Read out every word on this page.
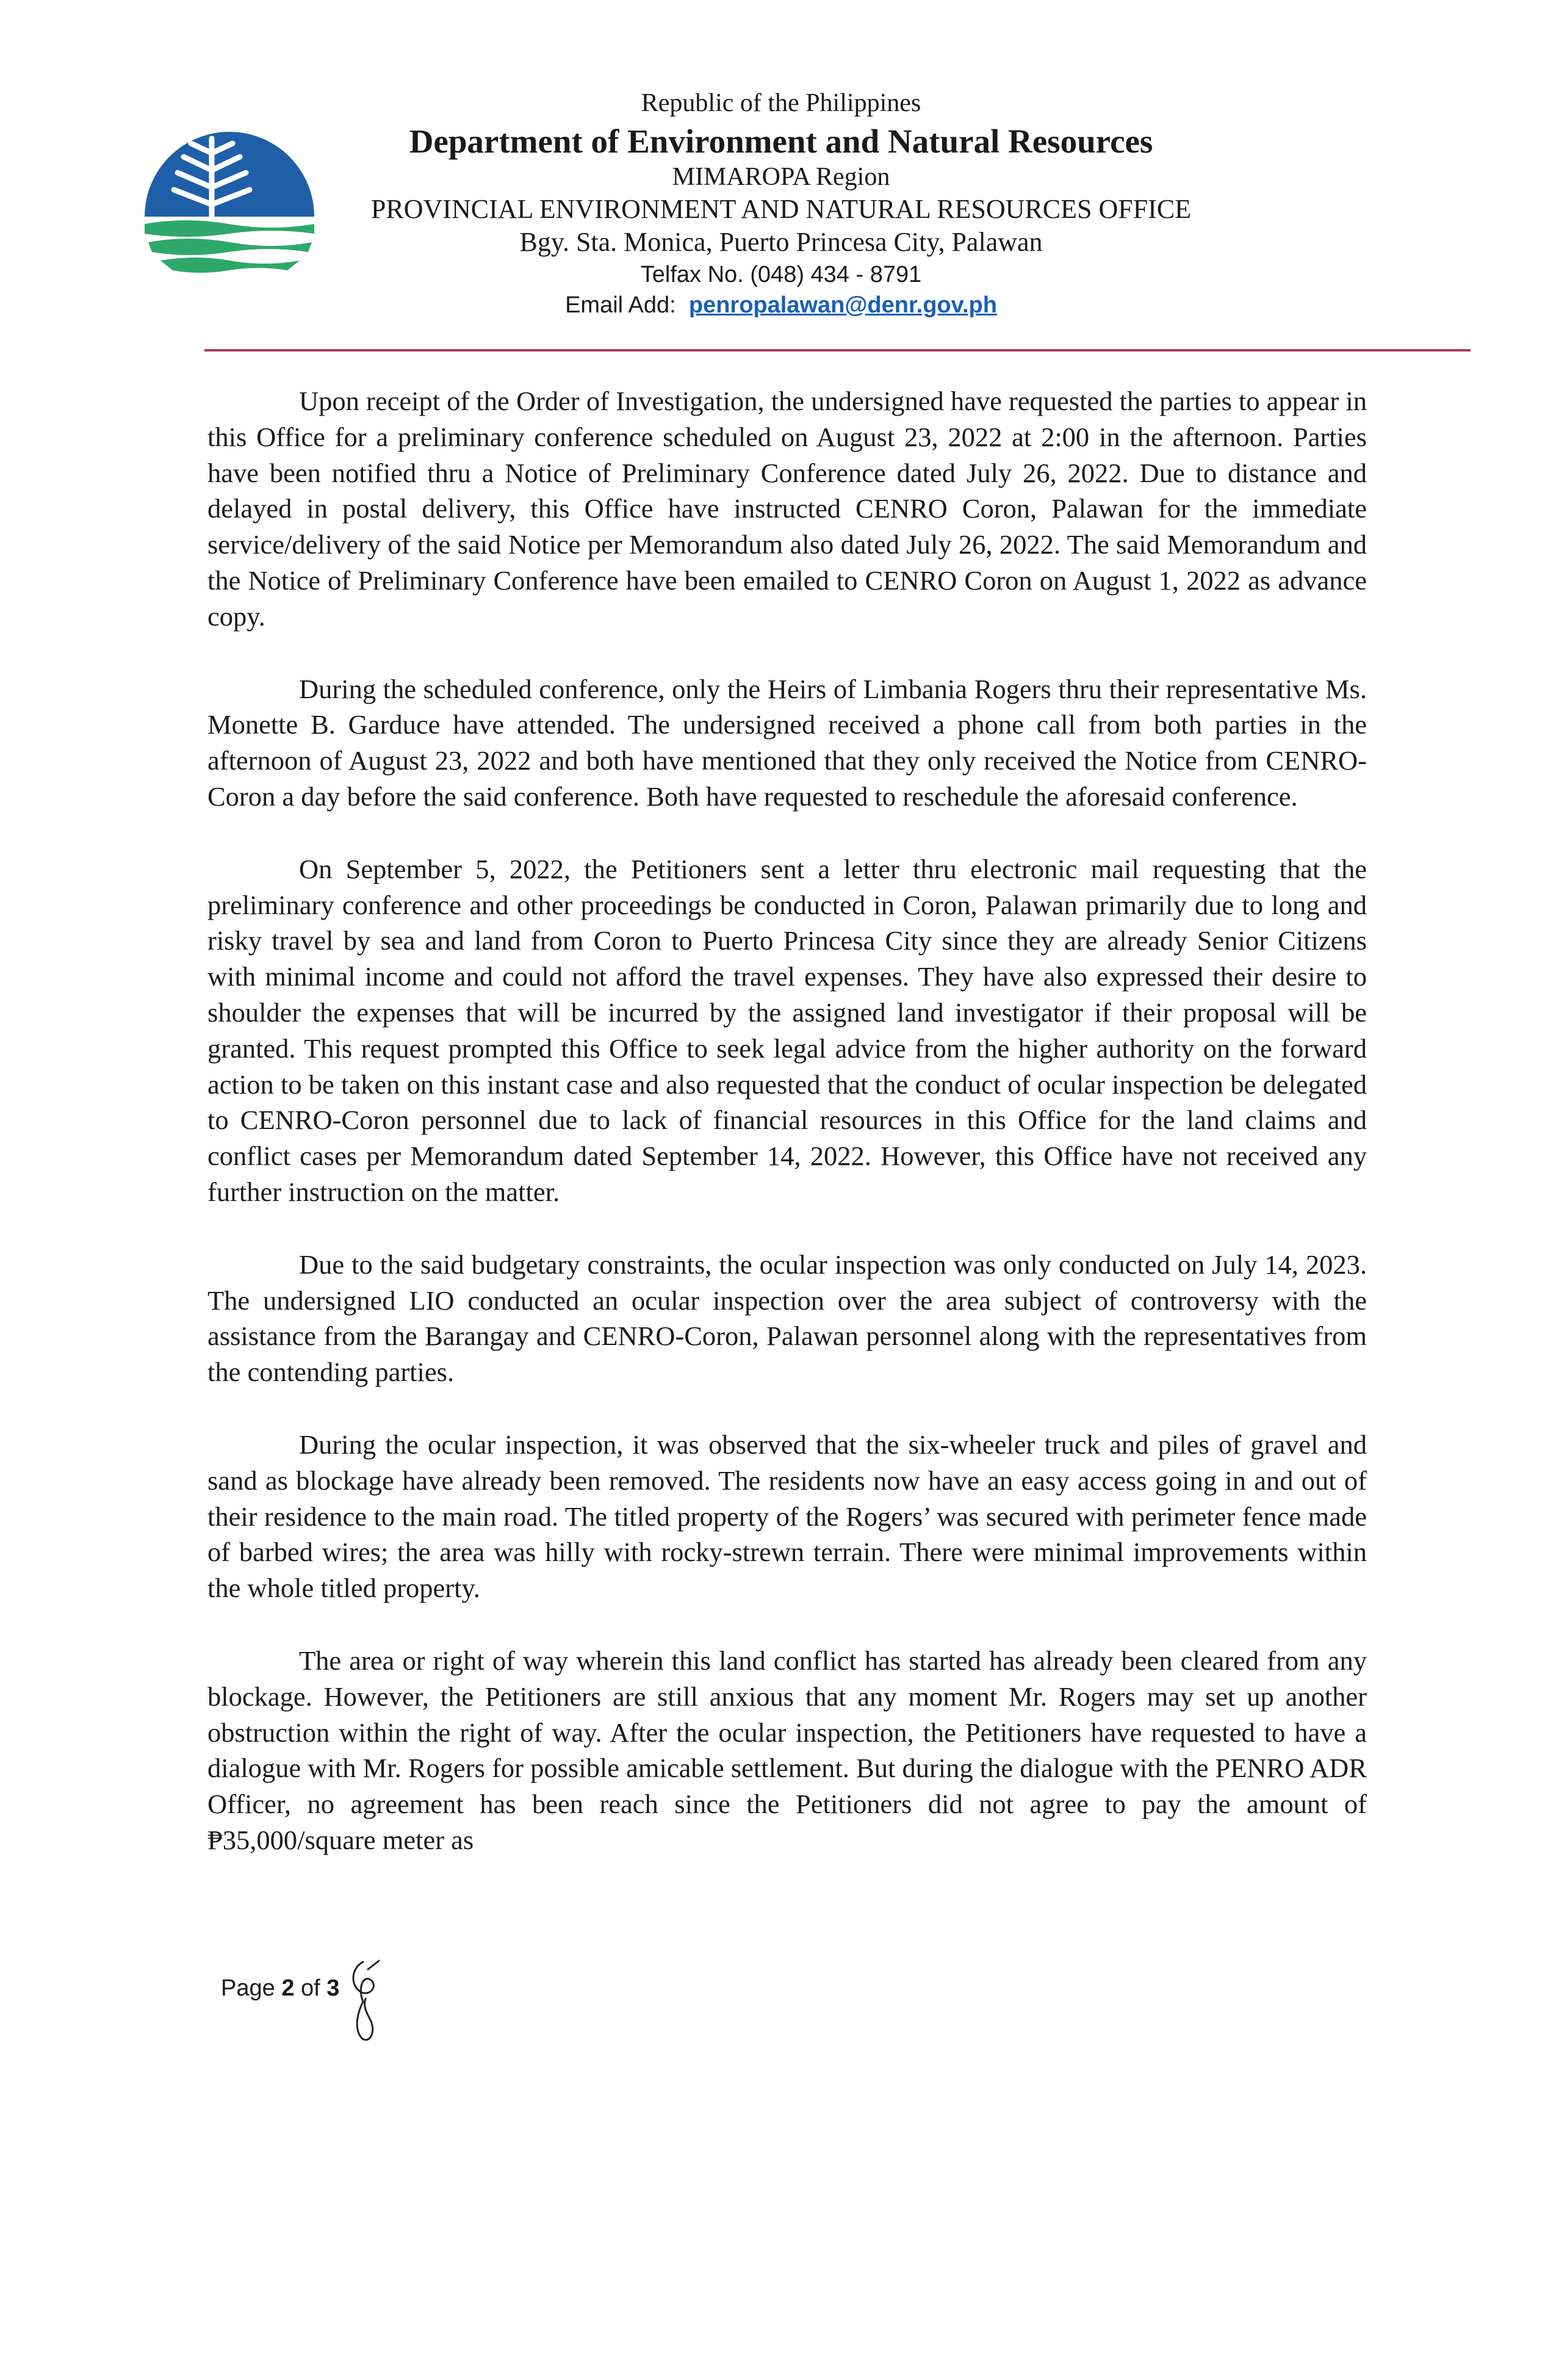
Republic of the Philippines
Department of Environment and Natural Resources
MIMAROPA Region
PROVINCIAL ENVIRONMENT AND NATURAL RESOURCES OFFICE
Bgy. Sta. Monica, Puerto Princesa City, Palawan
Telfax No. (048) 434 - 8791
Email Add: penropalawan@denr.gov.ph

Upon receipt of the Order of Investigation, the undersigned have requested the parties to appear in this Office for a preliminary conference scheduled on August 23, 2022 at 2:00 in the afternoon. Parties have been notified thru a Notice of Preliminary Conference dated July 26, 2022. Due to distance and delayed in postal delivery, this Office have instructed CENRO Coron, Palawan for the immediate service/delivery of the said Notice per Memorandum also dated July 26, 2022. The said Memorandum and the Notice of Preliminary Conference have been emailed to CENRO Coron on August 1, 2022 as advance copy.

During the scheduled conference, only the Heirs of Limbania Rogers thru their representative Ms. Monette B. Garduce have attended. The undersigned received a phone call from both parties in the afternoon of August 23, 2022 and both have mentioned that they only received the Notice from CENRO-Coron a day before the said conference. Both have requested to reschedule the aforesaid conference.

On September 5, 2022, the Petitioners sent a letter thru electronic mail requesting that the preliminary conference and other proceedings be conducted in Coron, Palawan primarily due to long and risky travel by sea and land from Coron to Puerto Princesa City since they are already Senior Citizens with minimal income and could not afford the travel expenses. They have also expressed their desire to shoulder the expenses that will be incurred by the assigned land investigator if their proposal will be granted. This request prompted this Office to seek legal advice from the higher authority on the forward action to be taken on this instant case and also requested that the conduct of ocular inspection be delegated to CENRO-Coron personnel due to lack of financial resources in this Office for the land claims and conflict cases per Memorandum dated September 14, 2022. However, this Office have not received any further instruction on the matter.

Due to the said budgetary constraints, the ocular inspection was only conducted on July 14, 2023. The undersigned LIO conducted an ocular inspection over the area subject of controversy with the assistance from the Barangay and CENRO-Coron, Palawan personnel along with the representatives from the contending parties.

During the ocular inspection, it was observed that the six-wheeler truck and piles of gravel and sand as blockage have already been removed. The residents now have an easy access going in and out of their residence to the main road. The titled property of the Rogers’ was secured with perimeter fence made of barbed wires; the area was hilly with rocky-strewn terrain. There were minimal improvements within the whole titled property.

The area or right of way wherein this land conflict has started has already been cleared from any blockage. However, the Petitioners are still anxious that any moment Mr. Rogers may set up another obstruction within the right of way. After the ocular inspection, the Petitioners have requested to have a dialogue with Mr. Rogers for possible amicable settlement. But during the dialogue with the PENRO ADR Officer, no agreement has been reach since the Petitioners did not agree to pay the amount of ₱35,000/square meter as

Page 2 of 3
